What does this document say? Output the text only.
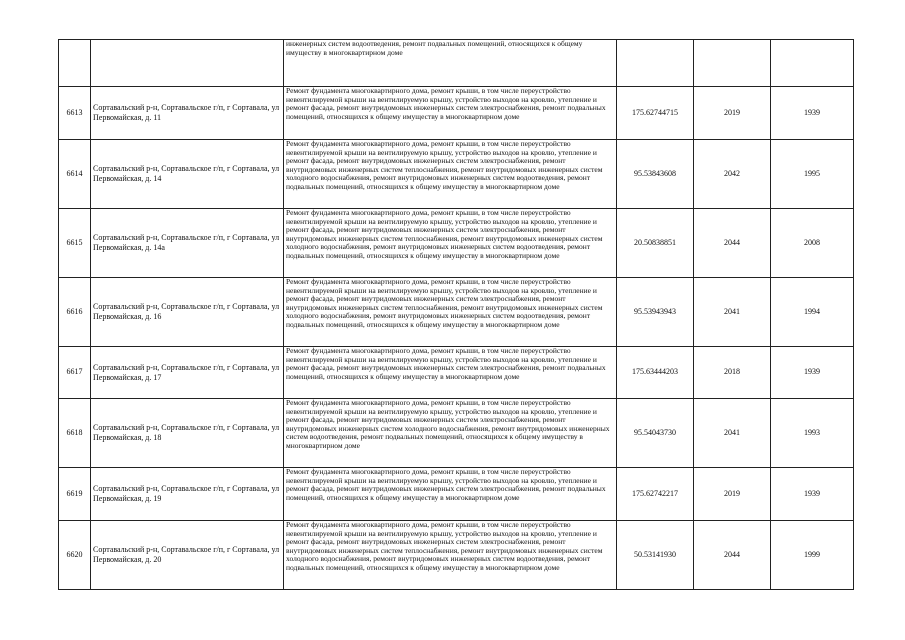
		инженерных систем водоотведения, ремонт подвальных помещений, относящихся к общему имуществу в многоквартирном доме			
6613	Сортавальский р-н, Сортавальское г/п, г Сортавала, ул Первомайская, д. 11	Ремонт фундамента многоквартирного дома, ремонт крыши, в том числе переустройство невентилируемой крыши на вентилируемую крышу, устройство выходов на кровлю, утепление и ремонт фасада, ремонт внутридомовых инженерных систем электроснабжения, ремонт подвальных помещений, относящихся к общему имуществу в многоквартирном доме	175.62744715	2019	1939
6614	Сортавальский р-н, Сортавальское г/п, г Сортавала, ул Первомайская, д. 14	Ремонт фундамента многоквартирного дома, ремонт крыши, в том числе переустройство невентилируемой крыши на вентилируемую крышу, устройство выходов на кровлю, утепление и ремонт фасада, ремонт внутридомовых инженерных систем электроснабжения, ремонт внутридомовых инженерных систем теплоснабжения, ремонт внутридомовых инженерных систем холодного водоснабжения, ремонт внутридомовых инженерных систем водоотведения, ремонт подвальных помещений, относящихся к общему имуществу в многоквартирном доме	95.53843608	2042	1995
6615	Сортавальский р-н, Сортавальское г/п, г Сортавала, ул Первомайская, д. 14а	Ремонт фундамента многоквартирного дома, ремонт крыши, в том числе переустройство невентилируемой крыши на вентилируемую крышу, устройство выходов на кровлю, утепление и ремонт фасада, ремонт внутридомовых инженерных систем электроснабжения, ремонт внутридомовых инженерных систем теплоснабжения, ремонт внутридомовых инженерных систем холодного водоснабжения, ремонт внутридомовых инженерных систем водоотведения, ремонт подвальных помещений, относящихся к общему имуществу в многоквартирном доме	20.50838851	2044	2008
6616	Сортавальский р-н, Сортавальское г/п, г Сортавала, ул Первомайская, д. 16	Ремонт фундамента многоквартирного дома, ремонт крыши, в том числе переустройство невентилируемой крыши на вентилируемую крышу, устройство выходов на кровлю, утепление и ремонт фасада, ремонт внутридомовых инженерных систем электроснабжения, ремонт внутридомовых инженерных систем теплоснабжения, ремонт внутридомовых инженерных систем холодного водоснабжения, ремонт внутридомовых инженерных систем водоотведения, ремонт подвальных помещений, относящихся к общему имуществу в многоквартирном доме	95.53943943	2041	1994
6617	Сортавальский р-н, Сортавальское г/п, г Сортавала, ул Первомайская, д. 17	Ремонт фундамента многоквартирного дома, ремонт крыши, в том числе переустройство невентилируемой крыши на вентилируемую крышу, устройство выходов на кровлю, утепление и ремонт фасада, ремонт внутридомовых инженерных систем электроснабжения, ремонт подвальных помещений, относящихся к общему имуществу в многоквартирном доме	175.63444203	2018	1939
6618	Сортавальский р-н, Сортавальское г/п, г Сортавала, ул Первомайская, д. 18	Ремонт фундамента многоквартирного дома, ремонт крыши, в том числе переустройство невентилируемой крыши на вентилируемую крышу, устройство выходов на кровлю, утепление и ремонт фасада, ремонт внутридомовых инженерных систем электроснабжения, ремонт внутридомовых инженерных систем холодного водоснабжения, ремонт внутридомовых инженерных систем водоотведения, ремонт подвальных помещений, относящихся к общему имуществу в многоквартирном доме	95.54043730	2041	1993
6619	Сортавальский р-н, Сортавальское г/п, г Сортавала, ул Первомайская, д. 19	Ремонт фундамента многоквартирного дома, ремонт крыши, в том числе переустройство невентилируемой крыши на вентилируемую крышу, устройство выходов на кровлю, утепление и ремонт фасада, ремонт внутридомовых инженерных систем электроснабжения, ремонт подвальных помещений, относящихся к общему имуществу в многоквартирном доме	175.62742217	2019	1939
6620	Сортавальский р-н, Сортавальское г/п, г Сортавала, ул Первомайская, д. 20	Ремонт фундамента многоквартирного дома, ремонт крыши, в том числе переустройство невентилируемой крыши на вентилируемую крышу, устройство выходов на кровлю, утепление и ремонт фасада, ремонт внутридомовых инженерных систем электроснабжения, ремонт внутридомовых инженерных систем теплоснабжения, ремонт внутридомовых инженерных систем холодного водоснабжения, ремонт внутридомовых инженерных систем водоотведения, ремонт подвальных помещений, относящихся к общему имуществу в многоквартирном доме	50.53141930	2044	1999
